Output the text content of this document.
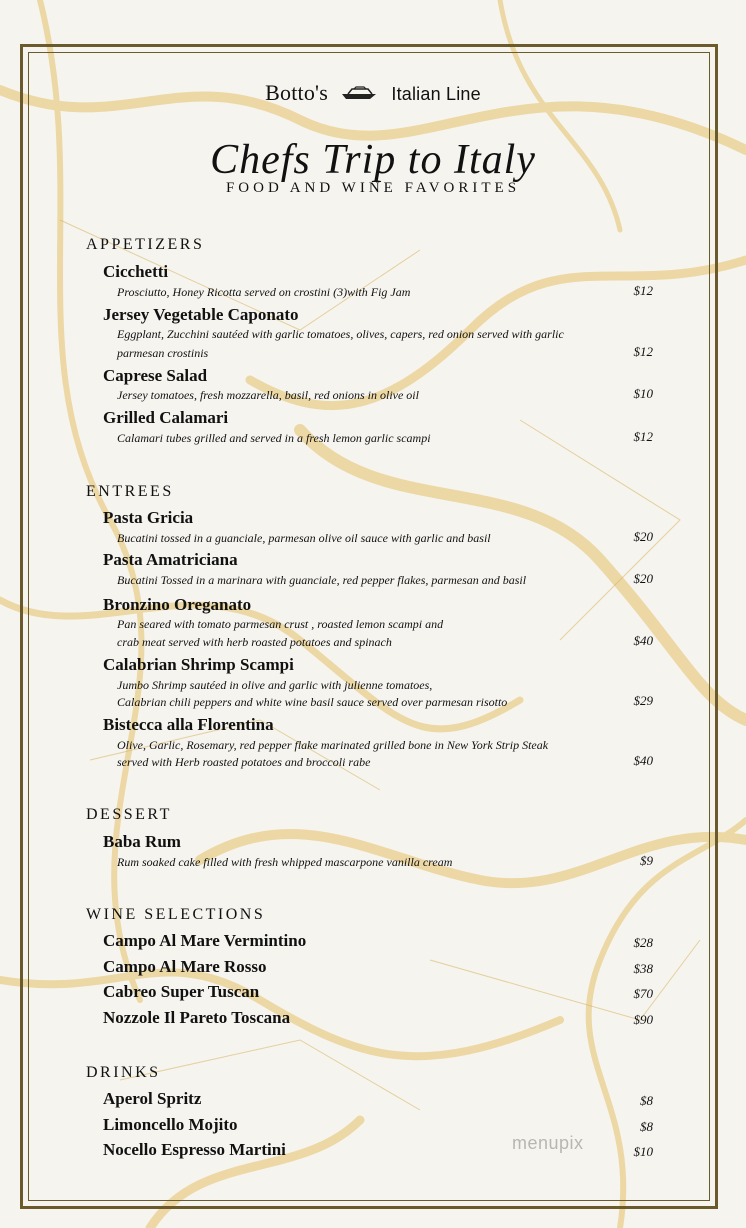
Botto's	Italian Line
Chefs Trip to Italy
FOOD AND WINE FAVORITES
APPETIZERS
Cicchetti
Prosciutto, Honey Ricotta served on crostini (3)with Fig Jam	$12
Jersey Vegetable Caponato
Eggplant, Zucchini sautéed with garlic tomatoes, olives, capers, red onion served with garlic
parmesan crostinis	$12
Caprese Salad
Jersey tomatoes, fresh mozzarella, basil, red onions in olive oil	$10
Grilled Calamari
Calamari tubes grilled and served in a fresh lemon garlic scampi	$12
ENTREES
Pasta Gricia
Bucatini tossed in a guanciale, parmesan olive oil sauce with garlic and basil	$20
Pasta Amatriciana
Bucatini Tossed in a marinara with guanciale, red pepper flakes, parmesan and basil	$20
Bronzino Oreganato
Pan seared with tomato parmesan crust , roasted lemon scampi and
crab meat served with herb roasted potatoes and spinach	$40
Calabrian Shrimp Scampi
Jumbo Shrimp sautéed in olive and garlic with julienne tomatoes,
Calabrian chili peppers and white wine basil sauce served over parmesan risotto	$29
Bistecca alla Florentina
Olive, Garlic, Rosemary, red pepper flake marinated grilled bone in New York Strip Steak
served with Herb roasted potatoes and broccoli rabe	$40
DESSERT
Baba Rum
Rum soaked cake filled with fresh whipped mascarpone vanilla cream	$9
WINE SELECTIONS
Campo Al Mare Vermintino	$28
Campo Al Mare Rosso	$38
Cabreo Super Tuscan	$70
Nozzole Il Pareto Toscana	$90
DRINKS
Aperol Spritz	$8
Limoncello Mojito	$8
Nocello Espresso Martini	$10
menupix
